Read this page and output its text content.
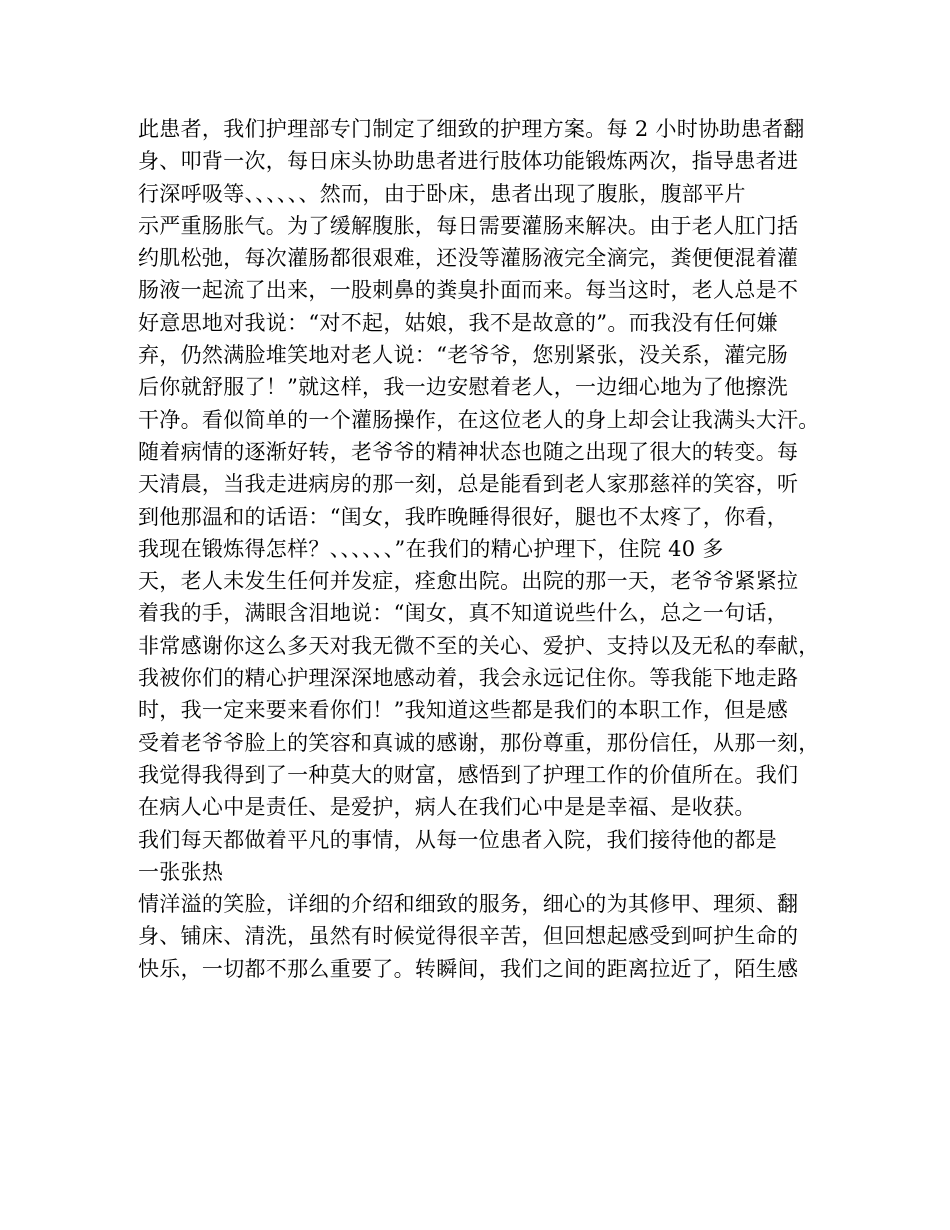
此患者，我们护理部专门制定了细致的护理方案。每 2 小时协助患者翻
身、叩背一次，每日床头协助患者进行肢体功能锻炼两次，指导患者进
行深呼吸等、、、、、、然而，由于卧床，患者出现了腹胀，腹部平片
示严重肠胀气。为了缓解腹胀，每日需要灌肠来解决。由于老人肛门括
约肌松弛，每次灌肠都很艰难，还没等灌肠液完全滴完，粪便便混着灌
肠液一起流了出来，一股刺鼻的粪臭扑面而来。每当这时，老人总是不
好意思地对我说：“对不起，姑娘，我不是故意的”。而我没有任何嫌
弃，仍然满脸堆笑地对老人说：“老爷爷，您别紧张，没关系，灌完肠
后你就舒服了！”就这样，我一边安慰着老人，一边细心地为了他擦洗
干净。看似简单的一个灌肠操作，在这位老人的身上却会让我满头大汗。
随着病情的逐渐好转，老爷爷的精神状态也随之出现了很大的转变。每
天清晨，当我走进病房的那一刻，总是能看到老人家那慈祥的笑容，听
到他那温和的话语：“闺女，我昨晚睡得很好，腿也不太疼了，你看，
我现在锻炼得怎样？、、、、、、”在我们的精心护理下，住院 40 多
天，老人未发生任何并发症，痊愈出院。出院的那一天，老爷爷紧紧拉
着我的手，满眼含泪地说：“闺女，真不知道说些什么，总之一句话，
非常感谢你这么多天对我无微不至的关心、爱护、支持以及无私的奉献，
我被你们的精心护理深深地感动着，我会永远记住你。等我能下地走路
时，我一定来要来看你们！”我知道这些都是我们的本职工作，但是感
受着老爷爷脸上的笑容和真诚的感谢，那份尊重，那份信任，从那一刻，
我觉得我得到了一种莫大的财富，感悟到了护理工作的价值所在。我们
在病人心中是责任、是爱护，病人在我们心中是是幸福、是收获。
我们每天都做着平凡的事情，从每一位患者入院，我们接待他的都是
一张张热
情洋溢的笑脸，详细的介绍和细致的服务，细心的为其修甲、理须、翻
身、铺床、清洗，虽然有时候觉得很辛苦，但回想起感受到呵护生命的
快乐，一切都不那么重要了。转瞬间，我们之间的距离拉近了，陌生感
